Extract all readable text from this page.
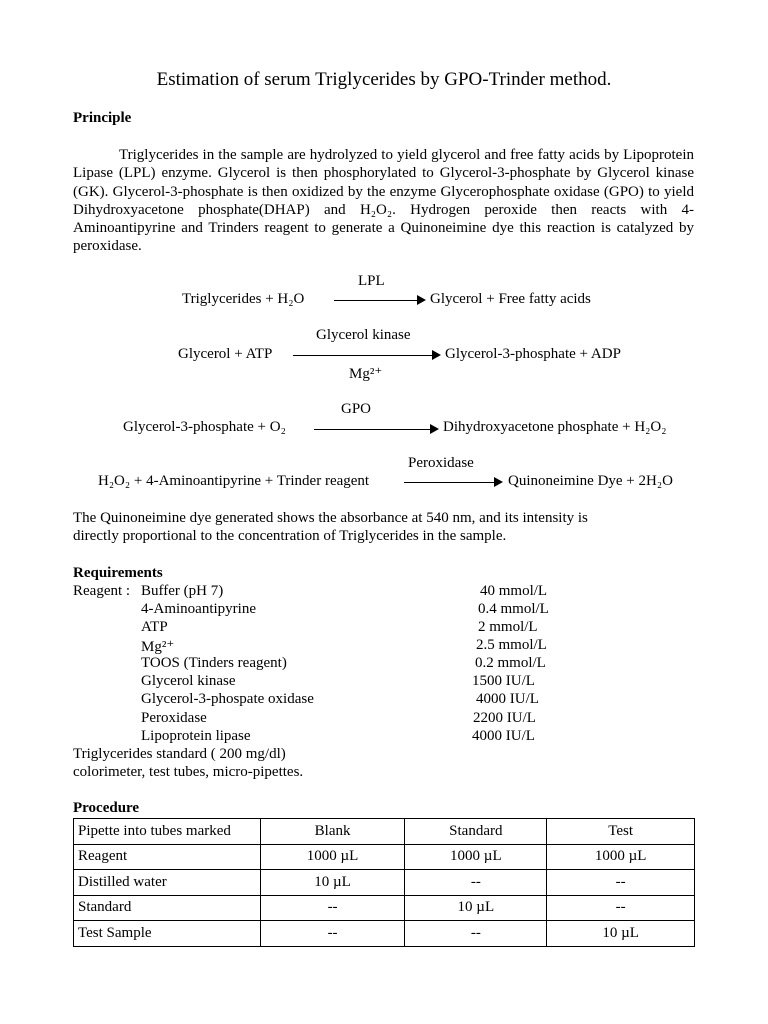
Estimation of serum Triglycerides by GPO-Trinder method.
Principle
Triglycerides in the sample are hydrolyzed to yield glycerol and free fatty acids by Lipoprotein Lipase (LPL) enzyme. Glycerol is then phosphorylated to Glycerol-3-phosphate by Glycerol kinase (GK). Glycerol-3-phosphate is then oxidized by the enzyme Glycerophosphate oxidase (GPO) to yield Dihydroxyacetone phosphate(DHAP) and H₂O₂. Hydrogen peroxide then reacts with 4-Aminoantipyrine and Trinders reagent to generate a Quinoneimine dye this reaction is catalyzed by peroxidase.
LPL
Triglycerides + H₂O	Glycerol + Free fatty acids
Glycerol kinase
Glycerol + ATP	Glycerol-3-phosphate + ADP
Mg²⁺
GPO
Glycerol-3-phosphate + O₂	Dihydroxyacetone phosphate + H₂O₂
Peroxidase
H₂O₂ + 4-Aminoantipyrine + Trinder reagent	Quinoneimine Dye + 2H₂O
The Quinoneimine dye generated shows the absorbance at 540 nm, and its intensity is
directly proportional to the concentration of Triglycerides in the sample.
Requirements
Reagent : Buffer (pH 7)	40 mmol/L
4-Aminoantipyrine	0.4 mmol/L
ATP	2 mmol/L
Mg²⁺	2.5 mmol/L
TOOS (Tinders reagent)	0.2 mmol/L
Glycerol kinase	1500 IU/L
Glycerol-3-phospate oxidase	4000 IU/L
Peroxidase	2200 IU/L
Lipoprotein lipase	4000 IU/L
Triglycerides standard ( 200 mg/dl)
colorimeter, test tubes, micro-pipettes.
Procedure
Pipette into tubes marked	Blank	Standard	Test
Reagent	1000 µL	1000 µL	1000 µL
Distilled water	10 µL	--	--
Standard	--	10 µL	--
Test Sample	--	--	10 µL
